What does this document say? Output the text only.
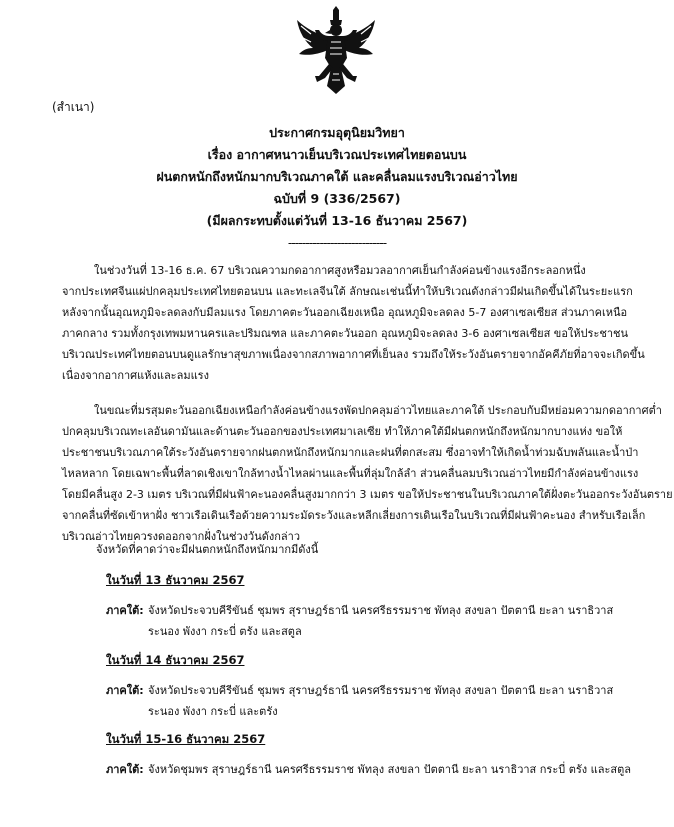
(สำเนา)
ประกาศกรมอุตุนิยมวิทยา
เรื่อง อากาศหนาวเย็นบริเวณประเทศไทยตอนบน
ฝนตกหนักถึงหนักมากบริเวณภาคใต้ และคลื่นลมแรงบริเวณอ่าวไทย
ฉบับที่ 9 (336/2567)
(มีผลกระทบตั้งแต่วันที่ 13-16 ธันวาคม 2567)
----------------------------
ในช่วงวันที่ 13-16 ธ.ค. 67 บริเวณความกดอากาศสูงหรือมวลอากาศเย็นกำลังค่อนข้างแรงอีกระลอกหนึ่ง
จากประเทศจีนแผ่ปกคลุมประเทศไทยตอนบน และทะเลจีนใต้ ลักษณะเช่นนี้ทำให้บริเวณดังกล่าวมีฝนเกิดขึ้นได้ในระยะแรก
หลังจากนั้นอุณหภูมิจะลดลงกับมีลมแรง โดยภาคตะวันออกเฉียงเหนือ อุณหภูมิจะลดลง 5-7 องศาเซลเซียส ส่วนภาคเหนือ
ภาคกลาง รวมทั้งกรุงเทพมหานครและปริมณฑล และภาคตะวันออก อุณหภูมิจะลดลง 3-6 องศาเซลเซียส ขอให้ประชาชน
บริเวณประเทศไทยตอนบนดูแลรักษาสุขภาพเนื่องจากสภาพอากาศที่เย็นลง รวมถึงให้ระวังอันตรายจากอัคคีภัยที่อาจจะเกิดขึ้น
เนื่องจากอากาศแห้งและลมแรง
ในขณะที่มรสุมตะวันออกเฉียงเหนือกำลังค่อนข้างแรงพัดปกคลุมอ่าวไทยและภาคใต้ ประกอบกับมีหย่อมความกดอากาศต่ำ
ปกคลุมบริเวณทะเลอันดามันและด้านตะวันออกของประเทศมาเลเซีย ทำให้ภาคใต้มีฝนตกหนักถึงหนักมากบางแห่ง ขอให้
ประชาชนบริเวณภาคใต้ระวังอันตรายจากฝนตกหนักถึงหนักมากและฝนที่ตกสะสม ซึ่งอาจทำให้เกิดน้ำท่วมฉับพลันและน้ำป่า
ไหลหลาก โดยเฉพาะพื้นที่ลาดเชิงเขาใกล้ทางน้ำไหลผ่านและพื้นที่ลุ่มใกล้ลำ ส่วนคลื่นลมบริเวณอ่าวไทยมีกำลังค่อนข้างแรง
โดยมีคลื่นสูง 2-3 เมตร บริเวณที่มีฝนฟ้าคะนองคลื่นสูงมากกว่า 3 เมตร ขอให้ประชาชนในบริเวณภาคใต้ฝั่งตะวันออกระวังอันตราย
จากคลื่นที่ซัดเข้าหาฝั่ง ชาวเรือเดินเรือด้วยความระมัดระวังและหลีกเลี่ยงการเดินเรือในบริเวณที่มีฝนฟ้าคะนอง สำหรับเรือเล็ก
บริเวณอ่าวไทยควรงดออกจากฝั่งในช่วงวันดังกล่าว
จังหวัดที่คาดว่าจะมีฝนตกหนักถึงหนักมากมีดังนี้
ในวันที่ 13 ธันวาคม 2567
ภาคใต้: จังหวัดประจวบคีรีขันธ์ ชุมพร สุราษฎร์ธานี นครศรีธรรมราช พัทลุง สงขลา ปัตตานี ยะลา นราธิวาส
ระนอง พังงา กระบี่ ตรัง และสตูล
ในวันที่ 14 ธันวาคม 2567
ภาคใต้: จังหวัดประจวบคีรีขันธ์ ชุมพร สุราษฎร์ธานี นครศรีธรรมราช พัทลุง สงขลา ปัตตานี ยะลา นราธิวาส
ระนอง พังงา กระบี่ และตรัง
ในวันที่ 15-16 ธันวาคม 2567
ภาคใต้: จังหวัดชุมพร สุราษฎร์ธานี นครศรีธรรมราช พัทลุง สงขลา ปัตตานี ยะลา นราธิวาส กระบี่ ตรัง และสตูล
